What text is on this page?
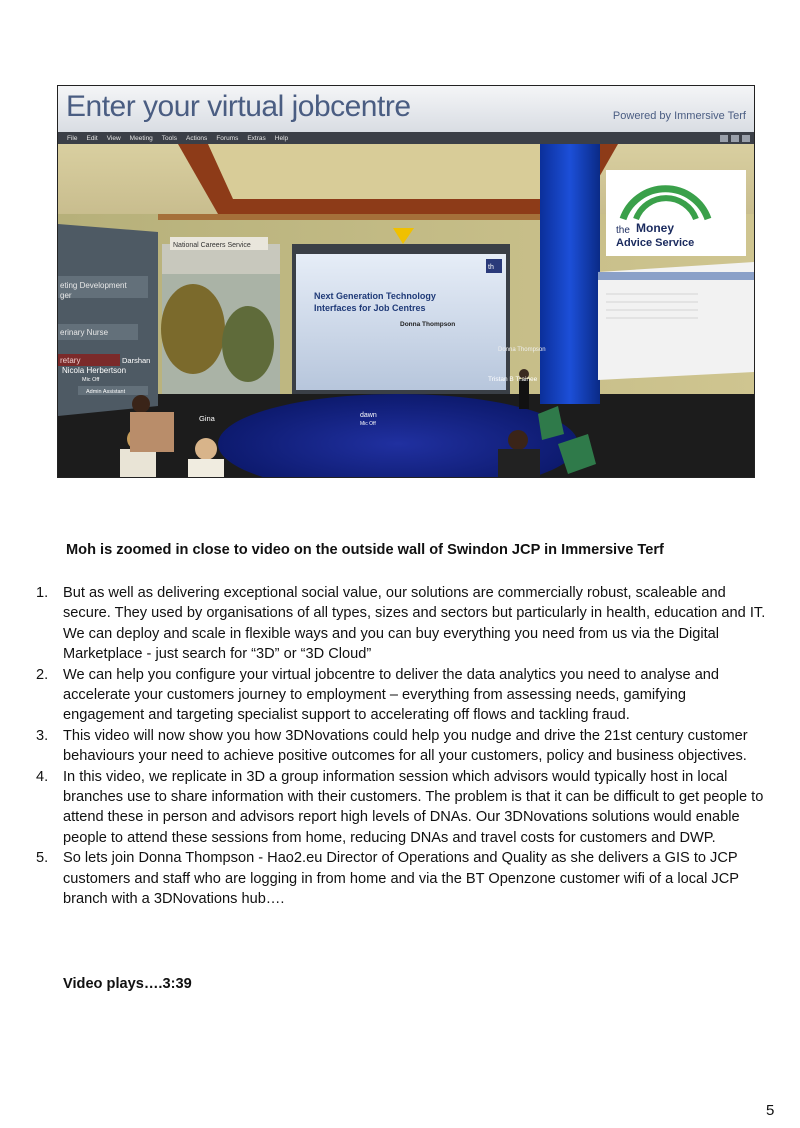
Enter your virtual jobcentre	Powered by Immersive Terf
File Edit View Meeting Tools Actions Forums Extras Help
eting Development
ger
erinary Nurse
retary	Darshan
Nicola Herbertson
Mic Off
Admin Assistant
National Careers Service
th
Next Generation Technology Interfaces for Job Centres
Donna Thompson
the Money
Advice Service
Donna Thompson
Tristan B Trainee
Gina	dawn
Mic Off
Moh is zoomed in close to video on the outside wall of Swindon JCP in Immersive Terf
1. But as well as delivering exceptional social value, our solutions are commercially robust, scaleable and secure. They used by organisations of all types, sizes and sectors but particularly in health, education and IT. We can deploy and scale in flexible ways and you can buy everything you need from us via the Digital Marketplace - just search for “3D” or “3D Cloud”
2. We can help you configure your virtual jobcentre to deliver the data analytics you need to analyse and accelerate your customers journey to employment – everything from assessing needs, gamifying engagement and targeting specialist support to accelerating off flows and tackling fraud.
3. This video will now show you how 3DNovations could help you nudge and drive the 21st century customer behaviours your need to achieve positive outcomes for all your customers, policy and business objectives.
4. In this video, we replicate in 3D a group information session which advisors would typically host in local branches use to share information with their customers. The problem is that it can be difficult to get people to attend these in person and advisors report high levels of DNAs. Our 3DNovations solutions would enable people to attend these sessions from home, reducing DNAs and travel costs for customers and DWP.
5. So lets join Donna Thompson - Hao2.eu Director of Operations and Quality as she delivers a GIS to JCP customers and staff who are logging in from home and via the BT Openzone customer wifi of a local JCP branch with a 3DNovations hub….
Video plays….3:39
5
